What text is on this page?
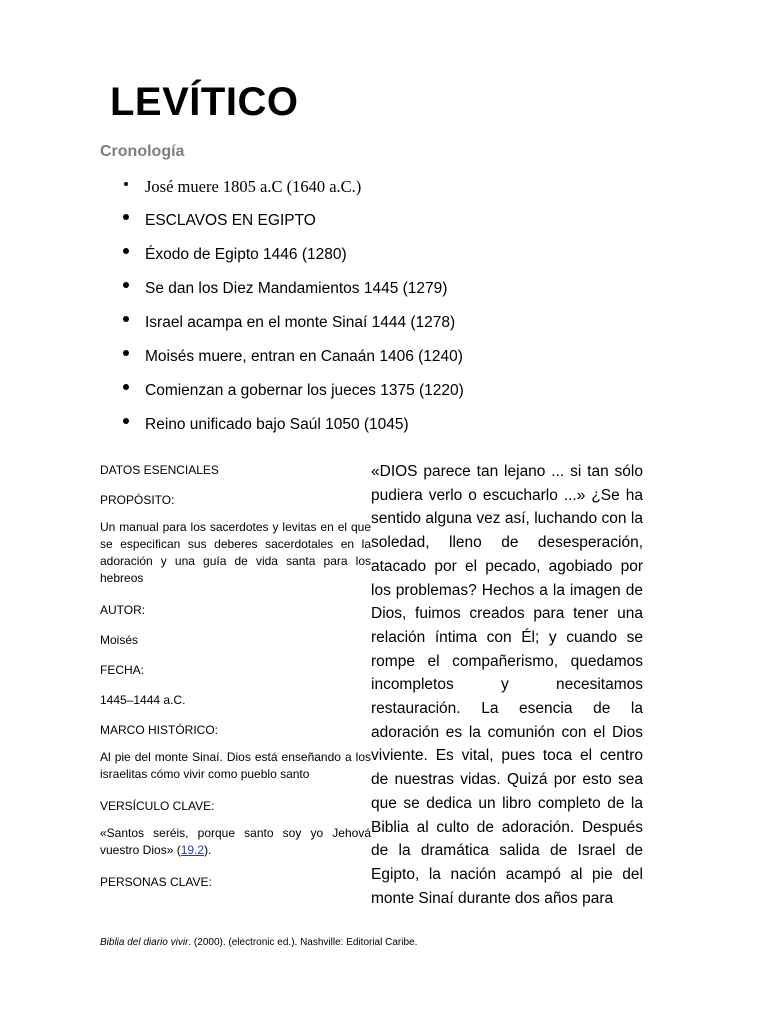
LEVÍTICO
Cronología
José muere 1805 a.C (1640 a.C.)
ESCLAVOS EN EGIPTO
Éxodo de Egipto 1446 (1280)
Se dan los Diez Mandamientos 1445 (1279)
Israel acampa en el monte Sinaí 1444 (1278)
Moisés muere, entran en Canaán 1406 (1240)
Comienzan a gobernar los jueces 1375 (1220)
Reino unificado bajo Saúl 1050 (1045)
DATOS ESENCIALES
PROPÓSITO:
Un manual para los sacerdotes y levitas en el que se especifican sus deberes sacerdotales en la adoración y una guía de vida santa para los hebreos
AUTOR:
Moisés
FECHA:
1445–1444 a.C.
MARCO HISTÓRICO:
Al pie del monte Sinaí. Dios está enseñando a los israelitas cómo vivir como pueblo santo
VERSÍCULO CLAVE:
«Santos seréis, porque santo soy yo Jehová vuestro Dios» (19.2).
PERSONAS CLAVE:
«DIOS parece tan lejano ... si tan sólo pudiera verlo o escucharlo ...» ¿Se ha sentido alguna vez así, luchando con la soledad, lleno de desesperación, atacado por el pecado, agobiado por los problemas? Hechos a la imagen de Dios, fuimos creados para tener una relación íntima con Él; y cuando se rompe el compañerismo, quedamos incompletos y necesitamos restauración. La esencia de la adoración es la comunión con el Dios viviente. Es vital, pues toca el centro de nuestras vidas. Quizá por esto sea que se dedica un libro completo de la Biblia al culto de adoración. Después de la dramática salida de Israel de Egipto, la nación acampó al pie del monte Sinaí durante dos años para
Biblia del diario vivir. (2000). (electronic ed.). Nashville: Editorial Caribe.
